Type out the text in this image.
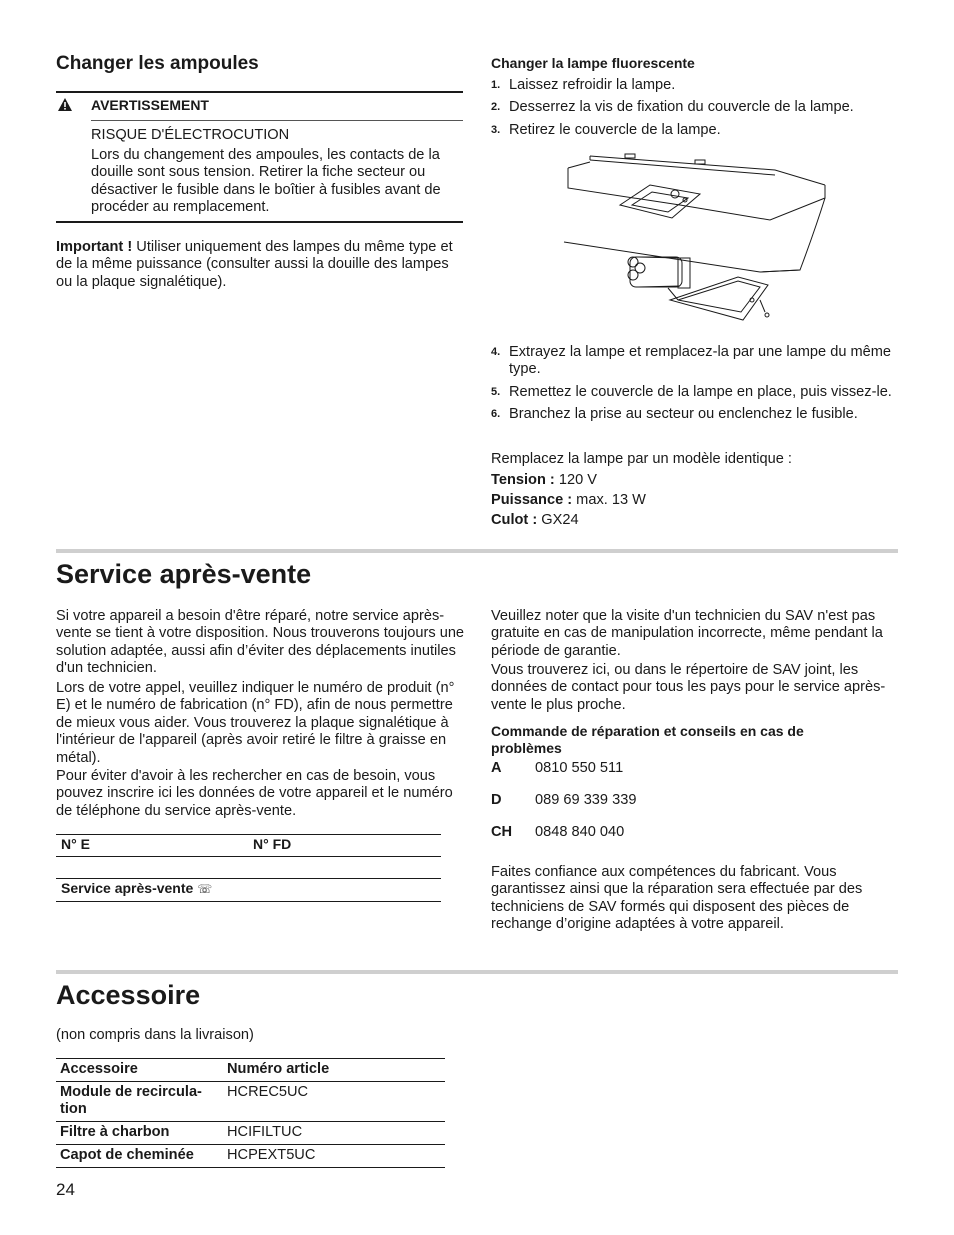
Changer les ampoules
AVERTISSEMENT
RISQUE D'ÉLECTROCUTION
Lors du changement des ampoules, les contacts de la douille sont sous tension. Retirer la fiche secteur ou désactiver le fusible dans le boîtier à fusibles avant de procéder au remplacement.

Important ! Utiliser uniquement des lampes du même type et de la même puissance (consulter aussi la douille des lampes ou la plaque signalétique).

Changer la lampe fluorescente
1. Laissez refroidir la lampe.
2. Desserrez la vis de fixation du couvercle de la lampe.
3. Retirez le couvercle de la lampe.
4. Extrayez la lampe et remplacez-la par une lampe du même type.
5. Remettez le couvercle de la lampe en place, puis vissez-le.
6. Branchez la prise au secteur ou enclenchez le fusible.
Remplacez la lampe par un modèle identique :
Tension : 120 V
Puissance : max. 13 W
Culot : GX24
Service après-vente

Si votre appareil a besoin d'être réparé, notre service après-vente se tient à votre disposition. Nous trouverons toujours une solution adaptée, aussi afin d’éviter des déplacements inutiles d'un technicien.

Lors de votre appel, veuillez indiquer le numéro de produit (n° E) et le numéro de fabrication (n° FD), afin de nous permettre de mieux vous aider. Vous trouverez la plaque signalétique à l'intérieur de l'appareil (après avoir retiré le filtre à graisse en métal).

Pour éviter d'avoir à les rechercher en cas de besoin, vous pouvez inscrire ici les données de votre appareil et le numéro de téléphone du service après-vente.

N° E	N° FD
Service après-vente ☏

Veuillez noter que la visite d'un technicien du SAV n'est pas gratuite en cas de manipulation incorrecte, même pendant la période de garantie.

Vous trouverez ici, ou dans le répertoire de SAV joint, les données de contact pour tous les pays pour le service après-vente le plus proche.

Commande de réparation et conseils en cas de problèmes

A 0810 550 511
D 089 69 339 339
CH 0848 840 040

Faites confiance aux compétences du fabricant. Vous garantissez ainsi que la réparation sera effectuée par des techniciens de SAV formés qui disposent des pièces de rechange d’origine adaptées à votre appareil.

Accessoire
(non compris dans la livraison)
Accessoire	Numéro article
Module de recircula-tion	HCREC5UC
Filtre à charbon	HCIFILTUC
Capot de cheminée	HCPEXT5UC
24
